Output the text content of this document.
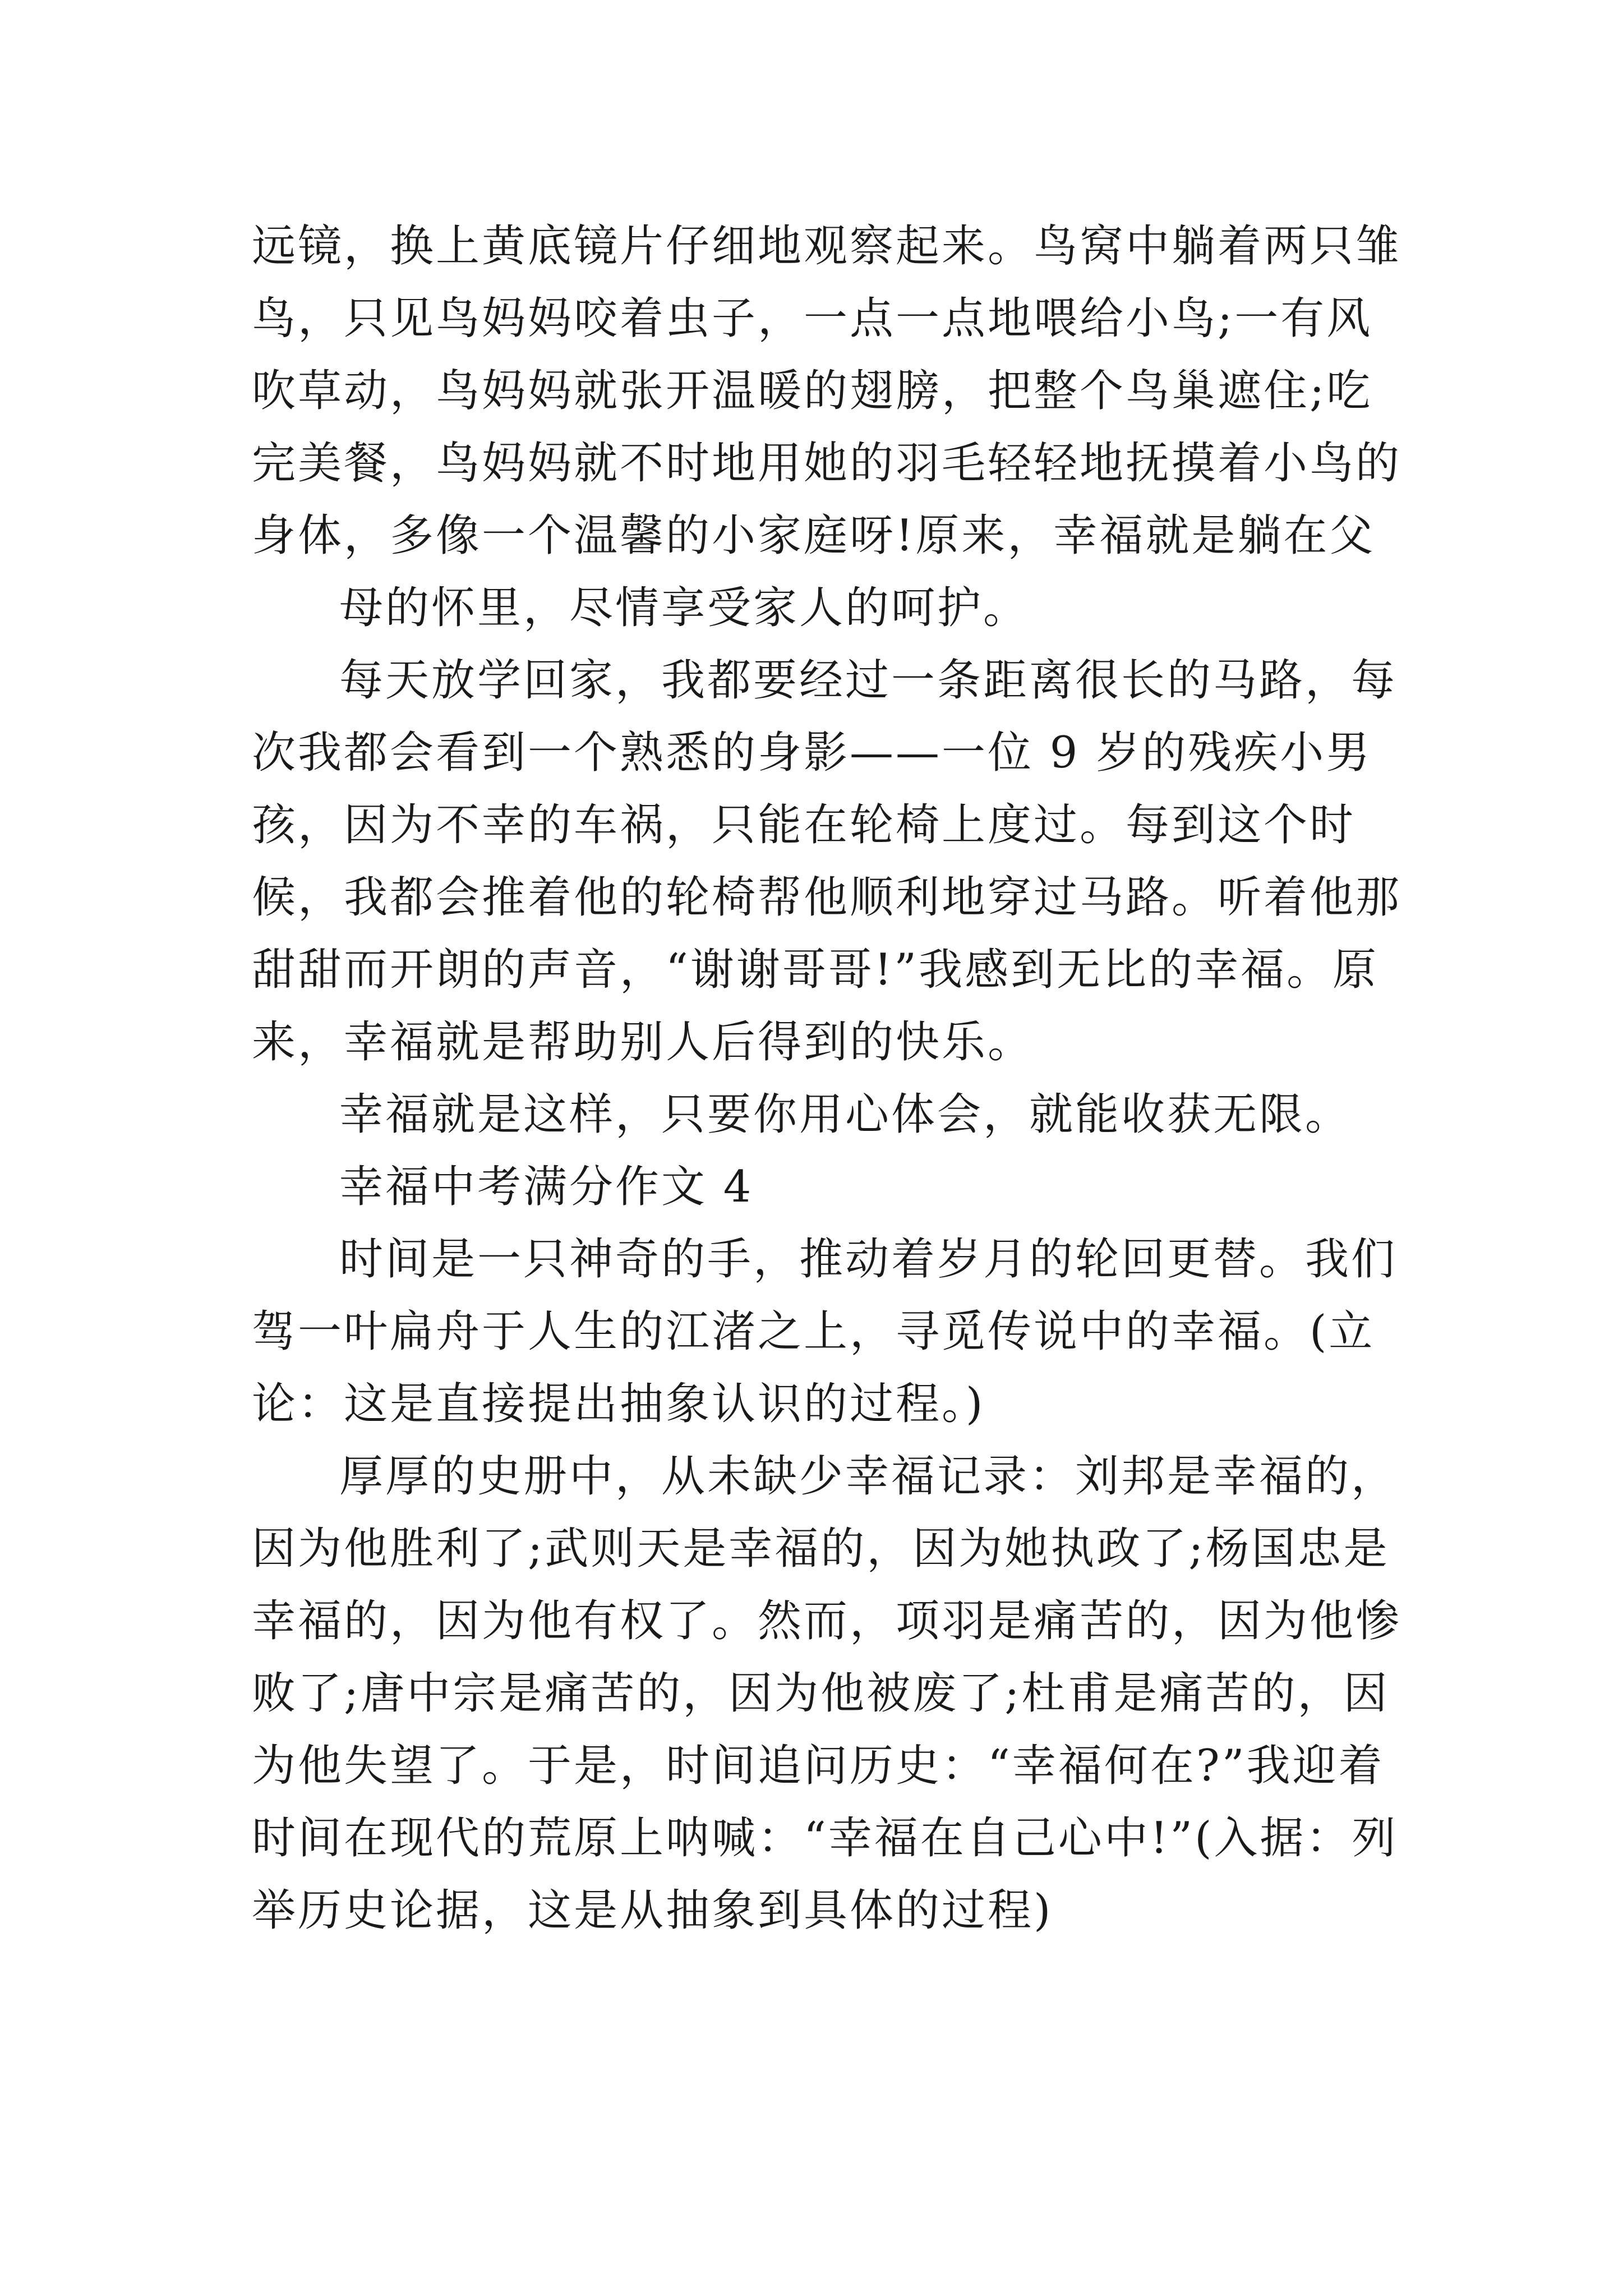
远镜，换上黄底镜片仔细地观察起来。鸟窝中躺着两只雏鸟，只见鸟妈妈咬着虫子，一点一点地喂给小鸟;一有风吹草动，鸟妈妈就张开温暖的翅膀，把整个鸟巢遮住;吃完美餐，鸟妈妈就不时地用她的羽毛轻轻地抚摸着小鸟的身体，多像一个温馨的小家庭呀!原来，幸福就是躺在父

母的怀里，尽情享受家人的呵护。

每天放学回家，我都要经过一条距离很长的马路，每次我都会看到一个熟悉的身影——一位 9 岁的残疾小男孩，因为不幸的车祸，只能在轮椅上度过。每到这个时候，我都会推着他的轮椅帮他顺利地穿过马路。听着他那甜甜而开朗的声音，“谢谢哥哥!”我感到无比的幸福。原来，幸福就是帮助别人后得到的快乐。

幸福就是这样，只要你用心体会，就能收获无限。

幸福中考满分作文 4

时间是一只神奇的手，推动着岁月的轮回更替。我们驾一叶扁舟于人生的江渚之上，寻觅传说中的幸福。(立论：这是直接提出抽象认识的过程。)

厚厚的史册中，从未缺少幸福记录：刘邦是幸福的，因为他胜利了;武则天是幸福的，因为她执政了;杨国忠是幸福的，因为他有权了。然而，项羽是痛苦的，因为他惨败了;唐中宗是痛苦的，因为他被废了;杜甫是痛苦的，因为他失望了。于是，时间追问历史：“幸福何在?”我迎着时间在现代的荒原上呐喊：“幸福在自己心中!”(入据：列举历史论据，这是从抽象到具体的过程)
